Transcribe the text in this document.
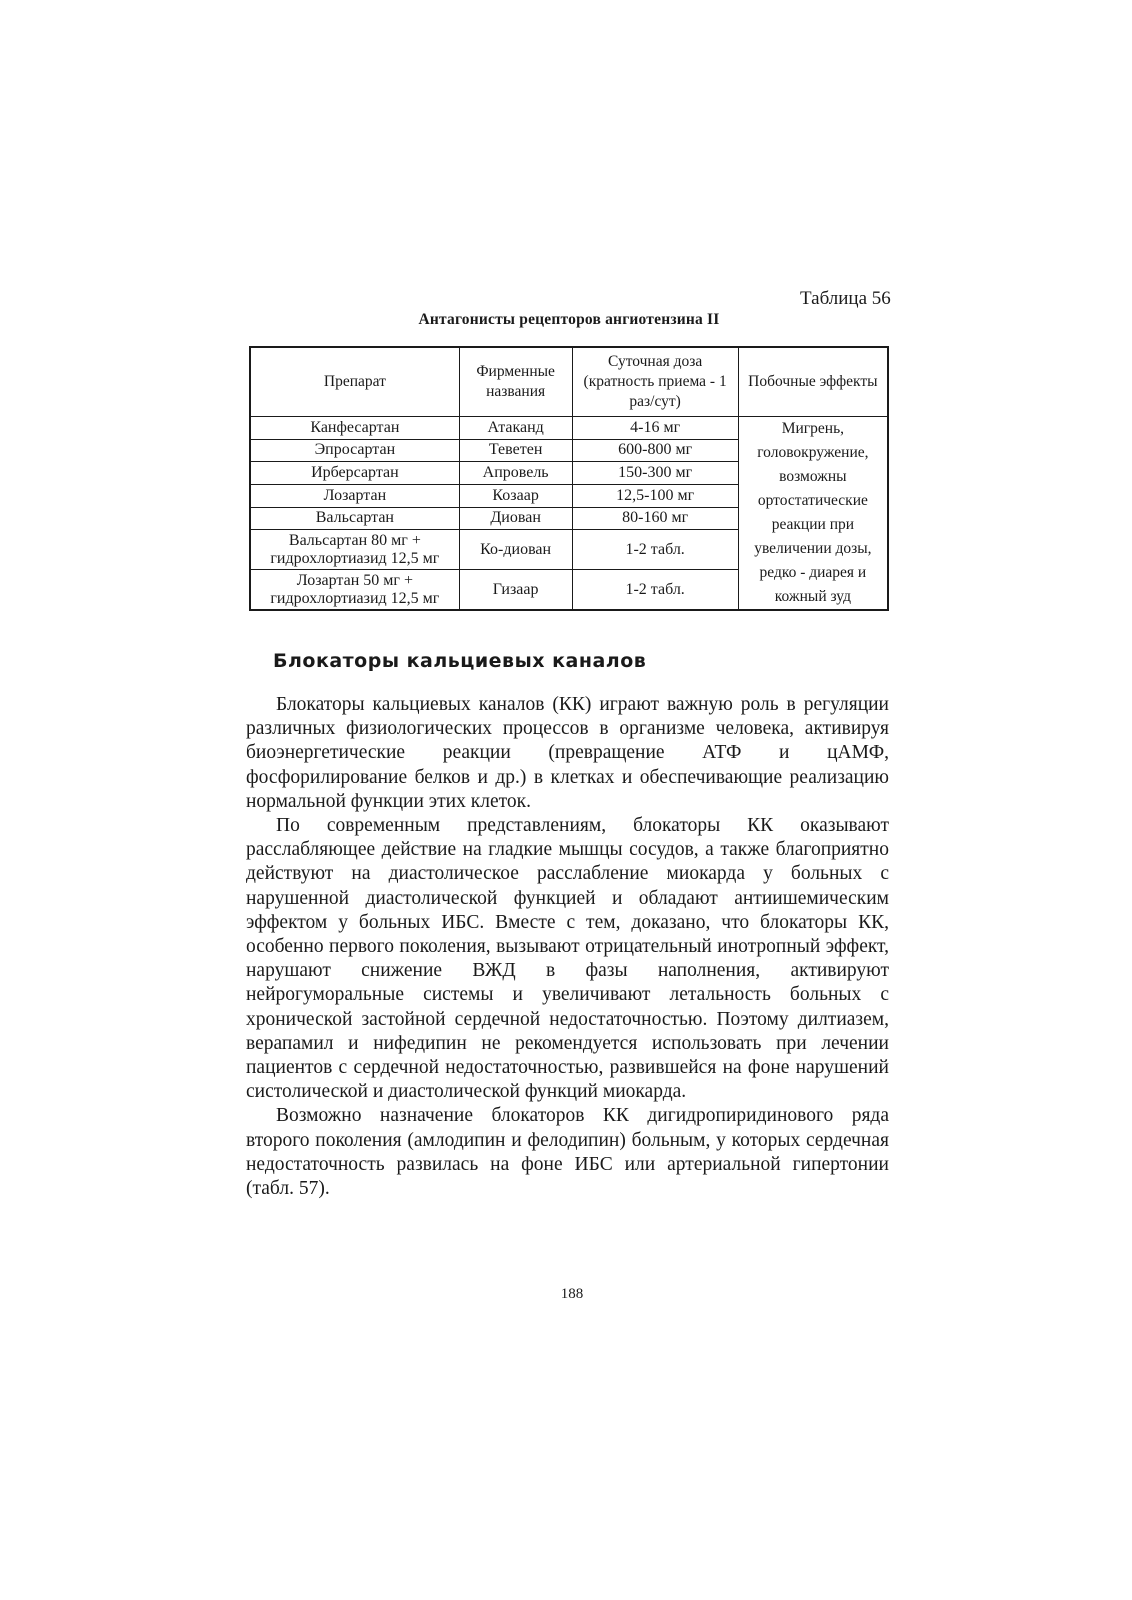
Таблица 56
Антагонисты рецепторов ангиотензина II
Препарат	Фирменные названия	Суточная доза (кратность приема - 1 раз/сут)	Побочные эффекты
Канфесартан	Атаканд	4-16 мг	Мигрень, головокружение, возможны ортостатические реакции при увеличении дозы, редко - диарея и кожный зуд
Эпросартан	Теветен	600-800 мг	
Ирберсартан	Апровель	150-300 мг	
Лозартан	Козаар	12,5-100 мг	
Вальсартан	Диован	80-160 мг	
Вальсартан 80 мг + гидрохлортиазид 12,5 мг	Ко-диован	1-2 табл.	
Лозартан 50 мг + гидрохлортиазид 12,5 мг	Гизаар	1-2 табл.	
Блокаторы кальциевых каналов

Блокаторы кальциевых каналов (КК) играют важную роль в регуляции различных физиологических процессов в организме человека, активируя биоэнергетические реакции (превращение АТФ и цАМФ, фосфорилирование белков и др.) в клетках и обеспечивающие реализацию нормальной функции этих клеток.

По современным представлениям, блокаторы КК оказывают расслабляющее действие на гладкие мышцы сосудов, а также благоприятно действуют на диастолическое расслабление миокарда у больных с нарушенной диастолической функцией и обладают антиишемическим эффектом у больных ИБС. Вместе с тем, доказано, что блокаторы КК, особенно первого поколения, вызывают отрицательный инотропный эффект, нарушают снижение ВЖД в фазы наполнения, активируют нейрогуморальные системы и увеличивают летальность больных с хронической застойной сердечной недостаточностью. Поэтому дилтиазем, верапамил и нифедипин не рекомендуется использовать при лечении пациентов с сердечной недостаточностью, развившейся на фоне нарушений систолической и диастолической функций миокарда.

Возможно назначение блокаторов КК дигидропиридинового ряда второго поколения (амлодипин и фелодипин) больным, у которых сердечная недостаточность развилась на фоне ИБС или артериальной гипертонии (табл. 57).

188
